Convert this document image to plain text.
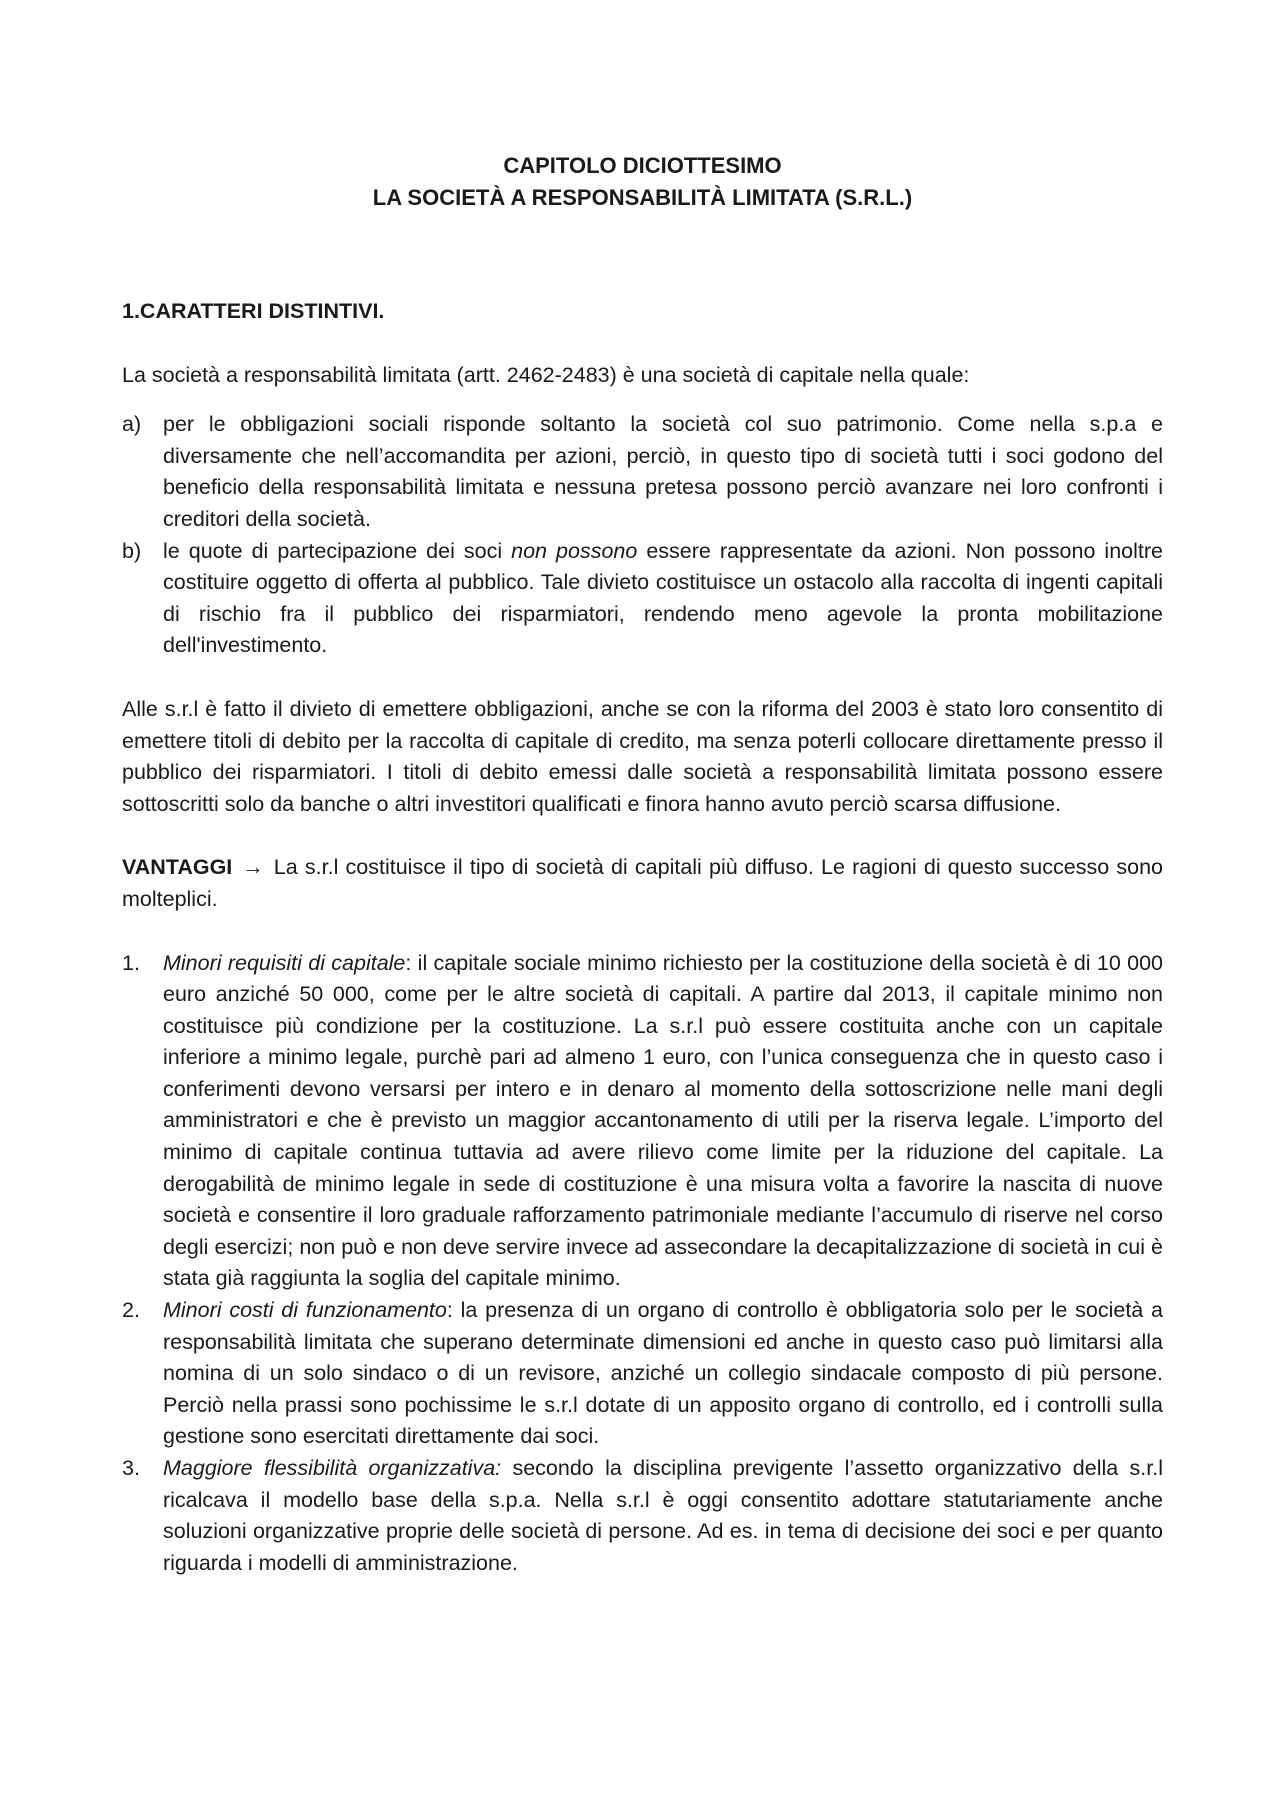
CAPITOLO DICIOTTESIMO
LA SOCIETÀ A RESPONSABILITÀ LIMITATA (S.R.L.)
1.CARATTERI DISTINTIVI.

La società a responsabilità limitata (artt. 2462-2483) è una società di capitale nella quale:

a) per le obbligazioni sociali risponde soltanto la società col suo patrimonio. Come nella s.p.a e diversamente che nell’accomandita per azioni, perciò, in questo tipo di società tutti i soci godono del beneficio della responsabilità limitata e nessuna pretesa possono perciò avanzare nei loro confronti i creditori della società.
b) le quote di partecipazione dei soci non possono essere rappresentate da azioni. Non possono inoltre costituire oggetto di offerta al pubblico. Tale divieto costituisce un ostacolo alla raccolta di ingenti capitali di rischio fra il pubblico dei risparmiatori, rendendo meno agevole la pronta mobilitazione dell'investimento.

Alle s.r.l è fatto il divieto di emettere obbligazioni, anche se con la riforma del 2003 è stato loro consentito di emettere titoli di debito per la raccolta di capitale di credito, ma senza poterli collocare direttamente presso il pubblico dei risparmiatori. I titoli di debito emessi dalle società a responsabilità limitata possono essere sottoscritti solo da banche o altri investitori qualificati e finora hanno avuto perciò scarsa diffusione.

VANTAGGI → La s.r.l costituisce il tipo di società di capitali più diffuso. Le ragioni di questo successo sono molteplici.

1. Minori requisiti di capitale: il capitale sociale minimo richiesto per la costituzione della società è di 10 000 euro anziché 50 000, come per le altre società di capitali. A partire dal 2013, il capitale minimo non costituisce più condizione per la costituzione. La s.r.l può essere costituita anche con un capitale inferiore a minimo legale, purchè pari ad almeno 1 euro, con l’unica conseguenza che in questo caso i conferimenti devono versarsi per intero e in denaro al momento della sottoscrizione nelle mani degli amministratori e che è previsto un maggior accantonamento di utili per la riserva legale. L’importo del minimo di capitale continua tuttavia ad avere rilievo come limite per la riduzione del capitale. La derogabilità de minimo legale in sede di costituzione è una misura volta a favorire la nascita di nuove società e consentire il loro graduale rafforzamento patrimoniale mediante l’accumulo di riserve nel corso degli esercizi; non può e non deve servire invece ad assecondare la decapitalizzazione di società in cui è stata già raggiunta la soglia del capitale minimo.
2. Minori costi di funzionamento: la presenza di un organo di controllo è obbligatoria solo per le società a responsabilità limitata che superano determinate dimensioni ed anche in questo caso può limitarsi alla nomina di un solo sindaco o di un revisore, anziché un collegio sindacale composto di più persone. Perciò nella prassi sono pochissime le s.r.l dotate di un apposito organo di controllo, ed i controlli sulla gestione sono esercitati direttamente dai soci.
3. Maggiore flessibilità organizzativa: secondo la disciplina previgente l’assetto organizzativo della s.r.l ricalcava il modello base della s.p.a. Nella s.r.l è oggi consentito adottare statutariamente anche soluzioni organizzative proprie delle società di persone. Ad es. in tema di decisione dei soci e per quanto riguarda i modelli di amministrazione.
